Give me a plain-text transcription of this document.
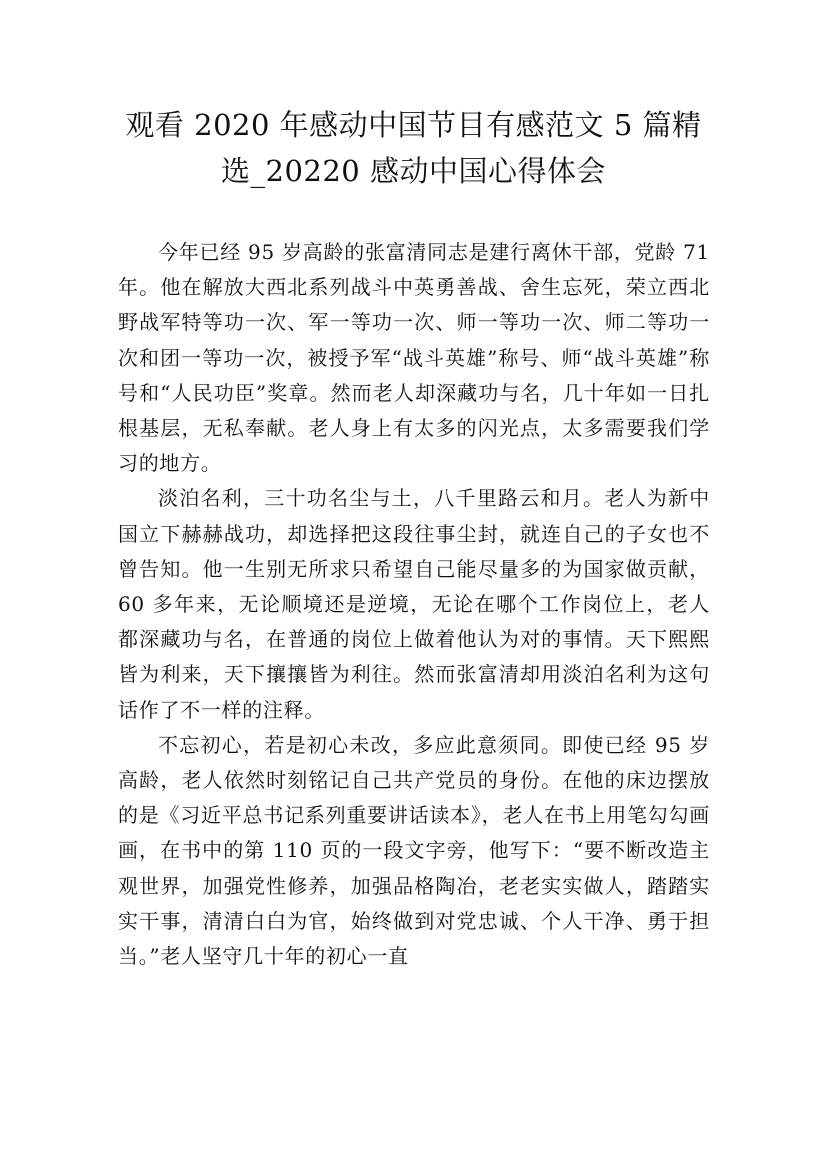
观看 2020 年感动中国节目有感范文 5 篇精
选_20220 感动中国心得体会

今年已经 95 岁高龄的张富清同志是建行离休干部，党龄 71 年。他在解放大西北系列战斗中英勇善战、舍生忘死，荣立西北野战军特等功一次、军一等功一次、师一等功一次、师二等功一次和团一等功一次，被授予军“战斗英雄”称号、师“战斗英雄”称号和“人民功臣”奖章。然而老人却深藏功与名，几十年如一日扎根基层，无私奉献。老人身上有太多的闪光点，太多需要我们学习的地方。

淡泊名利，三十功名尘与土，八千里路云和月。老人为新中国立下赫赫战功，却选择把这段往事尘封，就连自己的子女也不曾告知。他一生别无所求只希望自己能尽量多的为国家做贡献，60 多年来，无论顺境还是逆境，无论在哪个工作岗位上，老人都深藏功与名，在普通的岗位上做着他认为对的事情。天下熙熙皆为利来，天下攘攘皆为利往。然而张富清却用淡泊名利为这句话作了不一样的注释。

不忘初心，若是初心未改，多应此意须同。即使已经 95 岁高龄，老人依然时刻铭记自己共产党员的身份。在他的床边摆放的是《习近平总书记系列重要讲话读本》，老人在书上用笔勾勾画画，在书中的第 110 页的一段文字旁，他写下：“要不断改造主观世界，加强党性修养，加强品格陶冶，老老实实做人，踏踏实实干事，清清白白为官，始终做到对党忠诚、个人干净、勇于担当。”老人坚守几十年的初心一直
